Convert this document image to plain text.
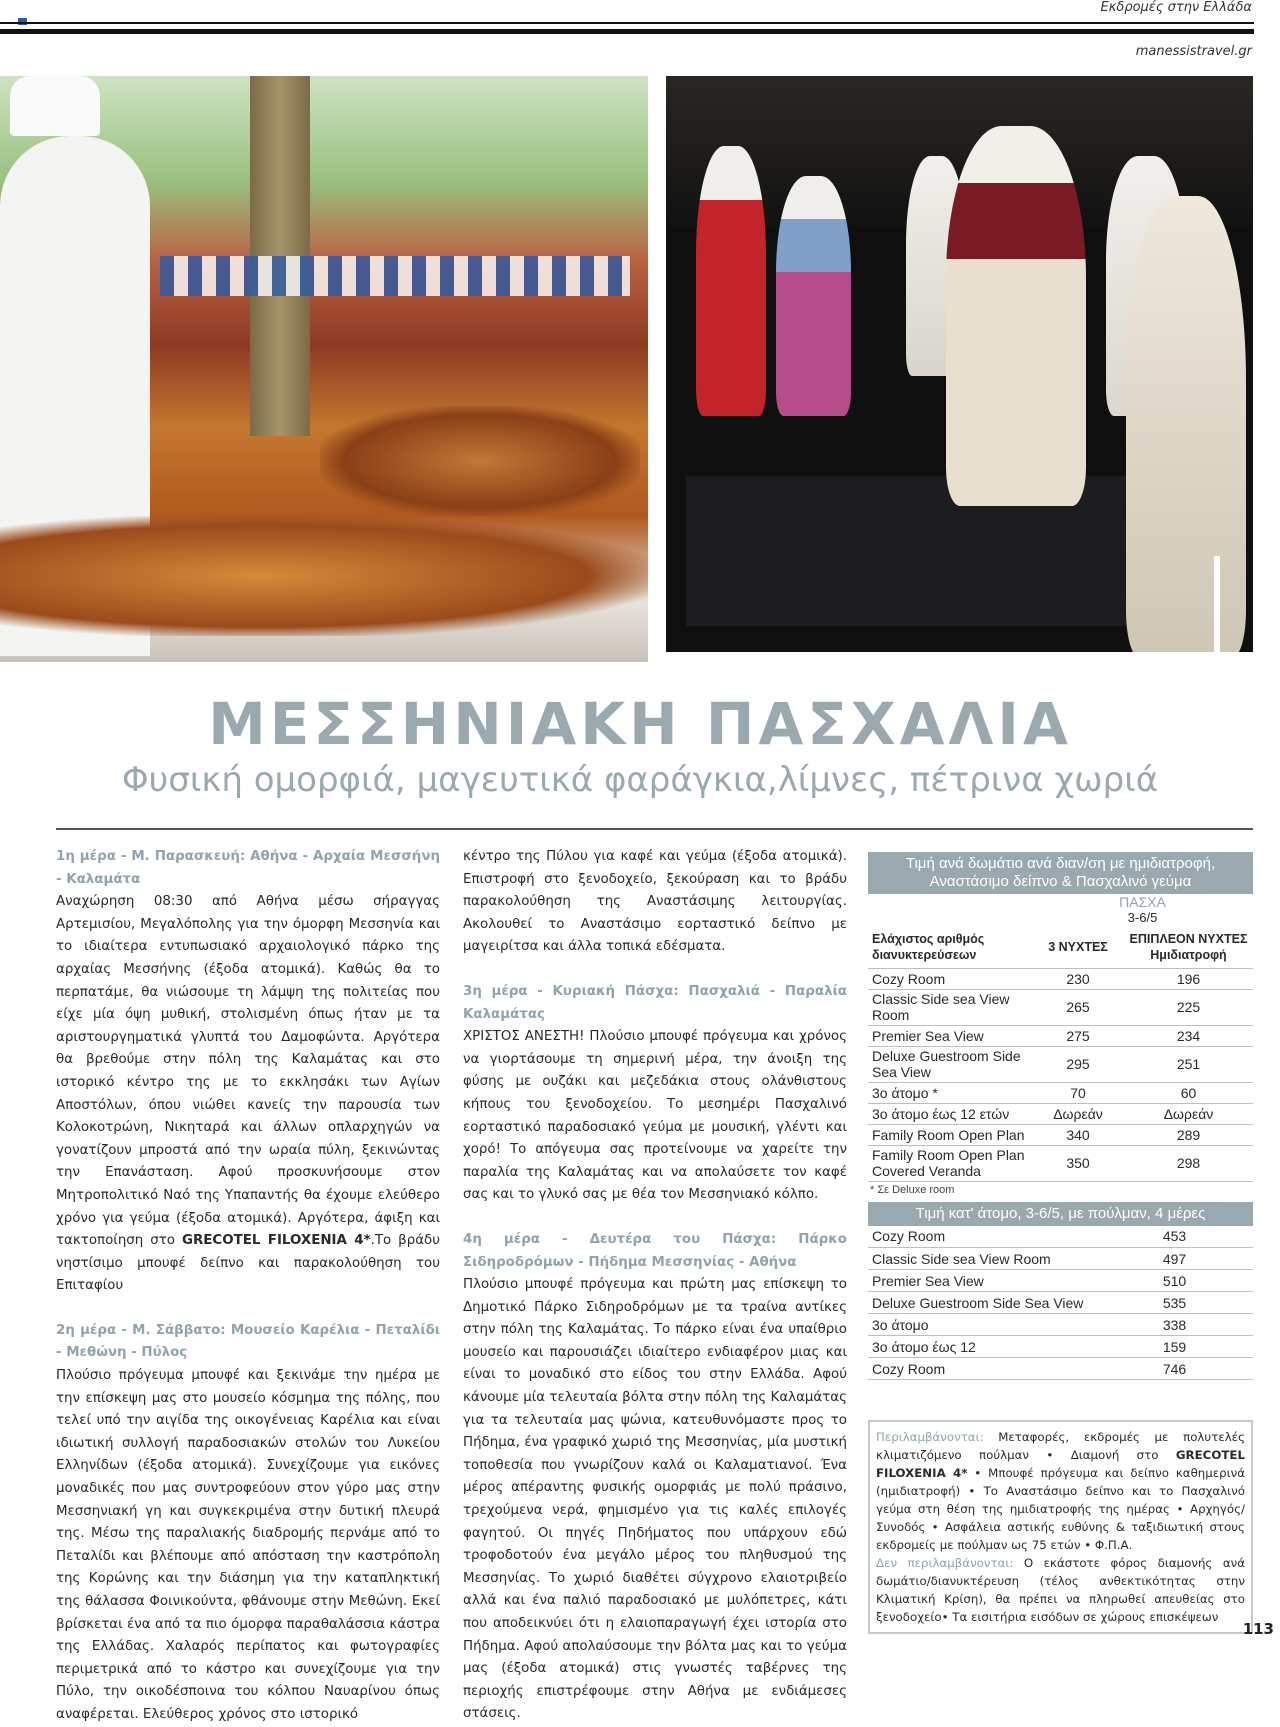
Εκδρομές στην Ελλάδα
manessistravel.gr
ΜΕΣΣΗΝΙΑΚΗ ΠΑΣΧΑΛΙΑ
Φυσική ομορφιά, μαγευτικά φαράγκια,λίμνες, πέτρινα χωριά

1η μέρα - Μ. Παρασκευή: Αθήνα - Αρχαία Μεσσήνη - Καλαμάτα

Αναχώρηση 08:30 από Αθήνα μέσω σήραγγας Αρτεμισίου, Μεγαλόπολης για την όμορφη Μεσσηνία και το ιδιαίτερα εντυπωσιακό αρχαιολογικό πάρκο της αρχαίας Μεσσήνης (έξοδα ατομικά). Καθώς θα το περπατάμε, θα νιώσουμε τη λάμψη της πολιτείας που είχε μία όψη μυθική, στολισμένη όπως ήταν με τα αριστουργηματικά γλυπτά του Δαμοφώντα. Αργότερα θα βρεθούμε στην πόλη της Καλαμάτας και στο ιστορικό κέντρο της με το εκκλησάκι των Αγίων Αποστόλων, όπου νιώθει κανείς την παρουσία των Κολοκοτρώνη, Νικηταρά και άλλων οπλαρχηγών να γονατίζουν μπροστά από την ωραία πύλη, ξεκινώντας την Επανάσταση. Αφού προσκυνήσουμε στον Μητροπολιτικό Ναό της Υπαπαντής θα έχουμε ελεύθερο χρόνο για γεύμα (έξοδα ατομικά). Αργότερα, άφιξη και τακτοποίηση στο GRECOTEL FILOXENIA 4*.Το βράδυ νηστίσιμο μπουφέ δείπνο και παρακολούθηση του Επιταφίου

2η μέρα - Μ. Σάββατο: Μουσείο Καρέλια - Πεταλίδι - Μεθώνη - Πύλος

Πλούσιο πρόγευμα μπουφέ και ξεκινάμε την ημέρα με την επίσκεψη μας στο μουσείο κόσμημα της πόλης, που τελεί υπό την αιγίδα της οικογένειας Καρέλια και είναι ιδιωτική συλλογή παραδοσιακών στολών του Λυκείου Ελληνίδων (έξοδα ατομικά). Συνεχίζουμε για εικόνες μοναδικές που μας συντροφεύουν στον γύρο μας στην Μεσσηνιακή γη και συγκεκριμένα στην δυτική πλευρά της. Μέσω της παραλιακής διαδρομής περνάμε από το Πεταλίδι και βλέπουμε από απόσταση την καστρόπολη της Κορώνης και την διάσημη για την καταπληκτική της θάλασσα Φοινικούντα, φθάνουμε στην Μεθώνη. Εκεί βρίσκεται ένα από τα πιο όμορφα παραθαλάσσια κάστρα της Ελλάδας. Χαλαρός περίπατος και φωτογραφίες περιμετρικά από το κάστρο και συνεχίζουμε για την Πύλο, την οικοδέσποινα του κόλπου Ναυαρίνου όπως αναφέρεται. Ελεύθερος χρόνος στο ιστορικό

κέντρο της Πύλου για καφέ και γεύμα (έξοδα ατομικά). Επιστροφή στο ξενοδοχείο, ξεκούραση και το βράδυ παρακολούθηση της Αναστάσιμης λειτουργίας. Ακολουθεί το Αναστάσιμο εορταστικό δείπνο με μαγειρίτσα και άλλα τοπικά εδέσματα.

3η μέρα - Κυριακή Πάσχα: Πασχαλιά - Παραλία Καλαμάτας

ΧΡΙΣΤΟΣ ΑΝΕΣΤΗ! Πλούσιο μπουφέ πρόγευμα και χρόνος να γιορτάσουμε τη σημερινή μέρα, την άνοιξη της φύσης με ουζάκι και μεζεδάκια στους ολάνθιστους κήπους του ξενοδοχείου. Το μεσημέρι Πασχαλινό εορταστικό παραδοσιακό γεύμα με μουσική, γλέντι και χορό! Το απόγευμα σας προτείνουμε να χαρείτε την παραλία της Καλαμάτας και να απολαύσετε τον καφέ σας και το γλυκό σας με θέα τον Μεσσηνιακό κόλπο.

4η μέρα - Δευτέρα του Πάσχα: Πάρκο Σιδηροδρόμων - Πήδημα Μεσσηνίας - Αθήνα

Πλούσιο μπουφέ πρόγευμα και πρώτη μας επίσκεψη το Δημοτικό Πάρκο Σιδηροδρόμων με τα τραίνα αντίκες στην πόλη της Καλαμάτας. Το πάρκο είναι ένα υπαίθριο μουσείο και παρουσιάζει ιδιαίτερο ενδιαφέρον μιας και είναι το μοναδικό στο είδος του στην Ελλάδα. Αφού κάνουμε μία τελευταία βόλτα στην πόλη της Καλαμάτας για τα τελευταία μας ψώνια, κατευθυνόμαστε προς το Πήδημα, ένα γραφικό χωριό της Μεσσηνίας, μία μυστική τοποθεσία που γνωρίζουν καλά οι Καλαματιανοί. Ένα μέρος απέραντης φυσικής ομορφιάς με πολύ πράσινο, τρεχούμενα νερά, φημισμένο για τις καλές επιλογές φαγητού. Οι πηγές Πηδήματος που υπάρχουν εδώ τροφοδοτούν ένα μεγάλο μέρος του πληθυσμού της Μεσσηνίας. Το χωριό διαθέτει σύγχρονο ελαιοτριβείο αλλά και ένα παλιό παραδοσιακό με μυλόπετρες, κάτι που αποδεικνύει ότι η ελαιοπαραγωγή έχει ιστορία στο Πήδημα. Αφού απολαύσουμε την βόλτα μας και το γεύμα μας (έξοδα ατομικά) στις γνωστές ταβέρνες της περιοχής επιστρέφουμε στην Αθήνα με ενδιάμεσες στάσεις.

Τιμή ανά δωμάτιο ανά διαν/ση με ημιδιατροφή, Αναστάσιμο δείπνο & Πασχαλινό γεύμα
	ΠΑΣΧΑ	
	3-6/5	
Ελάχιστος αριθμός διανυκτερεύσεων	3 ΝΥΧΤΕΣ	ΕΠΙΠΛΕΟΝ ΝΥΧΤΕΣ Ημιδιατροφή
Cozy Room	230	196
Classic Side sea View Room	265	225
Premier Sea View	275	234
Deluxe Guestroom Side Sea View	295	251
3ο άτομο *	70	60
3ο άτομο έως 12 ετών	Δωρεάν	Δωρεάν
Family Room Open Plan	340	289
Family Room Open Plan Covered Veranda	350	298
* Σε Deluxe room
Τιμή κατ' άτομο, 3-6/5, με πούλμαν, 4 μέρες
Cozy Room	453
Classic Side sea View Room	497
Premier Sea View	510
Deluxe Guestroom Side Sea View	535
3ο άτομο	338
3ο άτομο έως 12	159
Cozy Room	746
Περιλαμβάνονται: Μεταφορές, εκδρομές με πολυτελές κλιματιζόμενο πούλμαν • Διαμονή στο GRECOTEL FILOXENIA 4* • Μπουφέ πρόγευμα και δείπνο καθημερινά (ημιδιατροφή) • Το Αναστάσιμο δείπνο και το Πασχαλινό γεύμα στη θέση της ημιδιατροφής της ημέρας • Αρχηγός/Συνοδός • Ασφάλεια αστικής ευθύνης & ταξιδιωτική στους εκδρομείς με πούλμαν ως 75 ετών • Φ.Π.Α.
Δεν περιλαμβάνονται: Ο εκάστοτε φόρος διαμονής ανά δωμάτιο/διανυκτέρευση (τέλος ανθεκτικότητας στην Κλιματική Κρίση), θα πρέπει να πληρωθεί απευθείας στο ξενοδοχείο• Τα εισιτήρια εισόδων σε χώρους επισκέψεων
113
